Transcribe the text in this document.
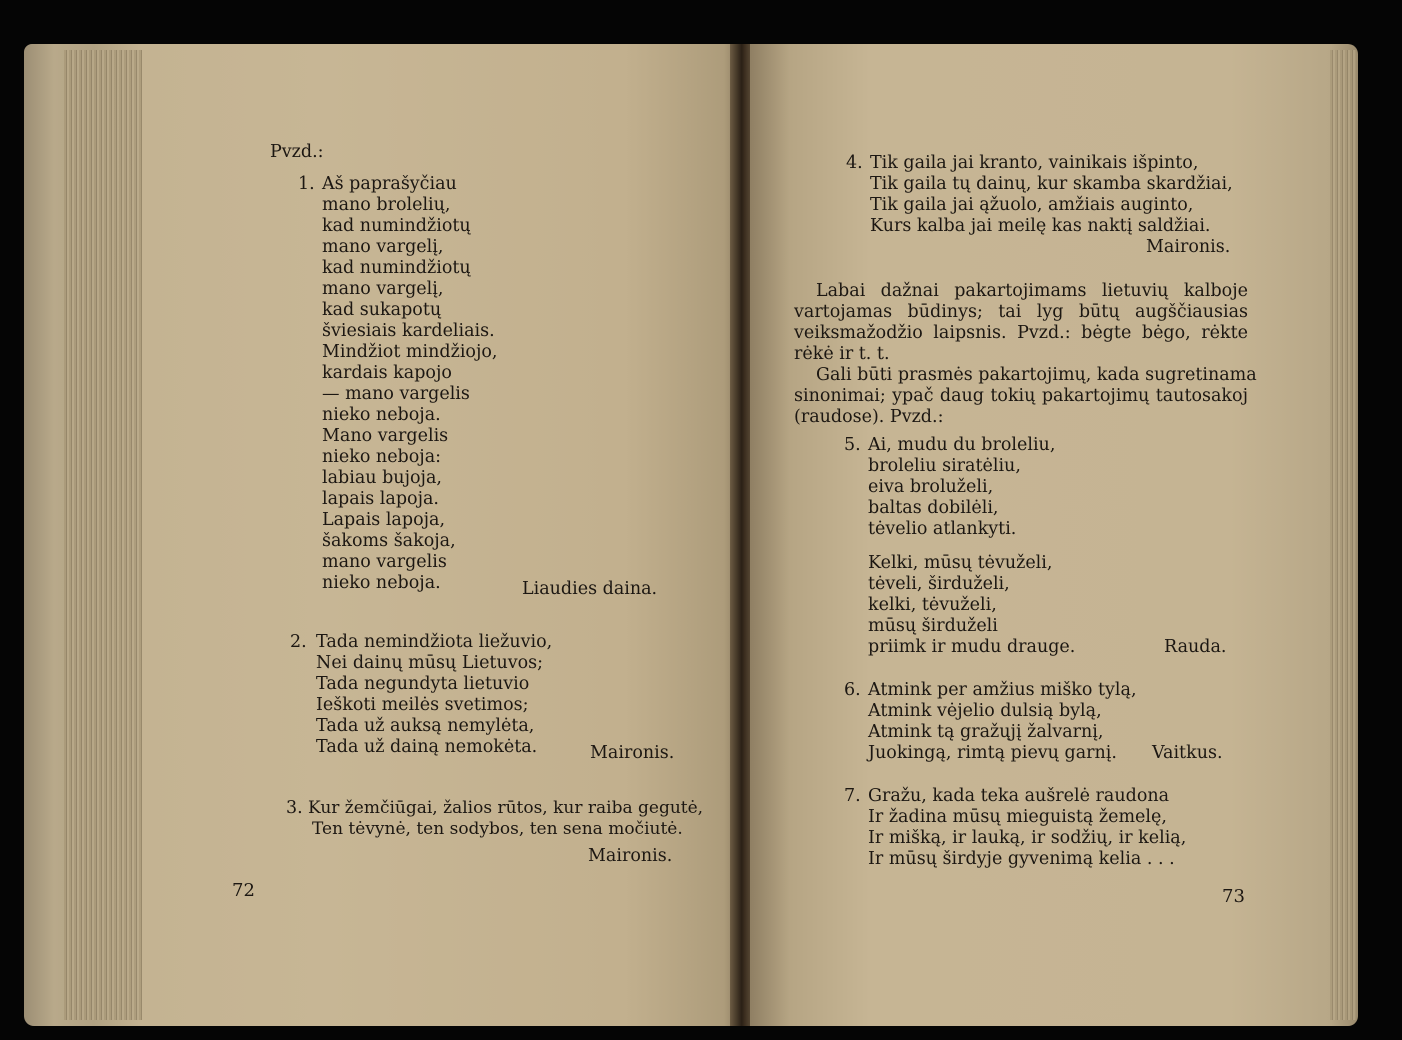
Pvzd.:
1. Aš paprašyčiau
mano brolelių,
kad numindžiotų
mano vargelį,
kad numindžiotų
mano vargelį,
kad sukapotų
šviesiais kardeliais.
Mindžiot mindžiojo,
kardais kapojo
— mano vargelis
nieko neboja.
Mano vargelis
nieko neboja:
labiau bujoja,
lapais lapoja.
Lapais lapoja,
šakoms šakoja,
mano vargelis
nieko neboja.	Liaudies daina.
2. Tada nemindžiota liežuvio,
Nei dainų mūsų Lietuvos;
Tada negundyta lietuvio
Ieškoti meilės svetimos;
Tada už auksą nemylėta,
Tada už dainą nemokėta.	Maironis.
3. Kur žemčiūgai, žalios rūtos, kur raiba gegutė,
Ten tėvynė, ten sodybos, ten sena močiutė.
Maironis.
72
4. Tik gaila jai kranto, vainikais išpinto,
Tik gaila tų dainų, kur skamba skardžiai,
Tik gaila jai ąžuolo, amžiais auginto,
Kurs kalba jai meilę kas naktį saldžiai.
Maironis.
Labai dažnai pakartojimams lietuvių kalboje
vartojamas būdinys; tai lyg būtų augščiausias
veiksmažodžio laipsnis. Pvzd.: bėgte bėgo, rėkte
rėkė ir t. t.
Gali būti prasmės pakartojimų, kada sugretinama
sinonimai; ypač daug tokių pakartojimų tautosakoj
(raudose). Pvzd.:
5. Ai, mudu du broleliu,
broleliu siratėliu,
eiva broluželi,
baltas dobilėli,
tėvelio atlankyti.
Kelki, mūsų tėvuželi,
tėveli, širduželi,
kelki, tėvuželi,
mūsų širduželi
priimk ir mudu drauge.	Rauda.
6. Atmink per amžius miško tylą,
Atmink vėjelio dulsią bylą,
Atmink tą gražųjį žalvarnį,
Juokingą, rimtą pievų garnį.	Vaitkus.
7. Gražu, kada teka aušrelė raudona
Ir žadina mūsų mieguistą žemelę,
Ir mišką, ir lauką, ir sodžių, ir kelią,
Ir mūsų širdyje gyvenimą kelia . . .
73
